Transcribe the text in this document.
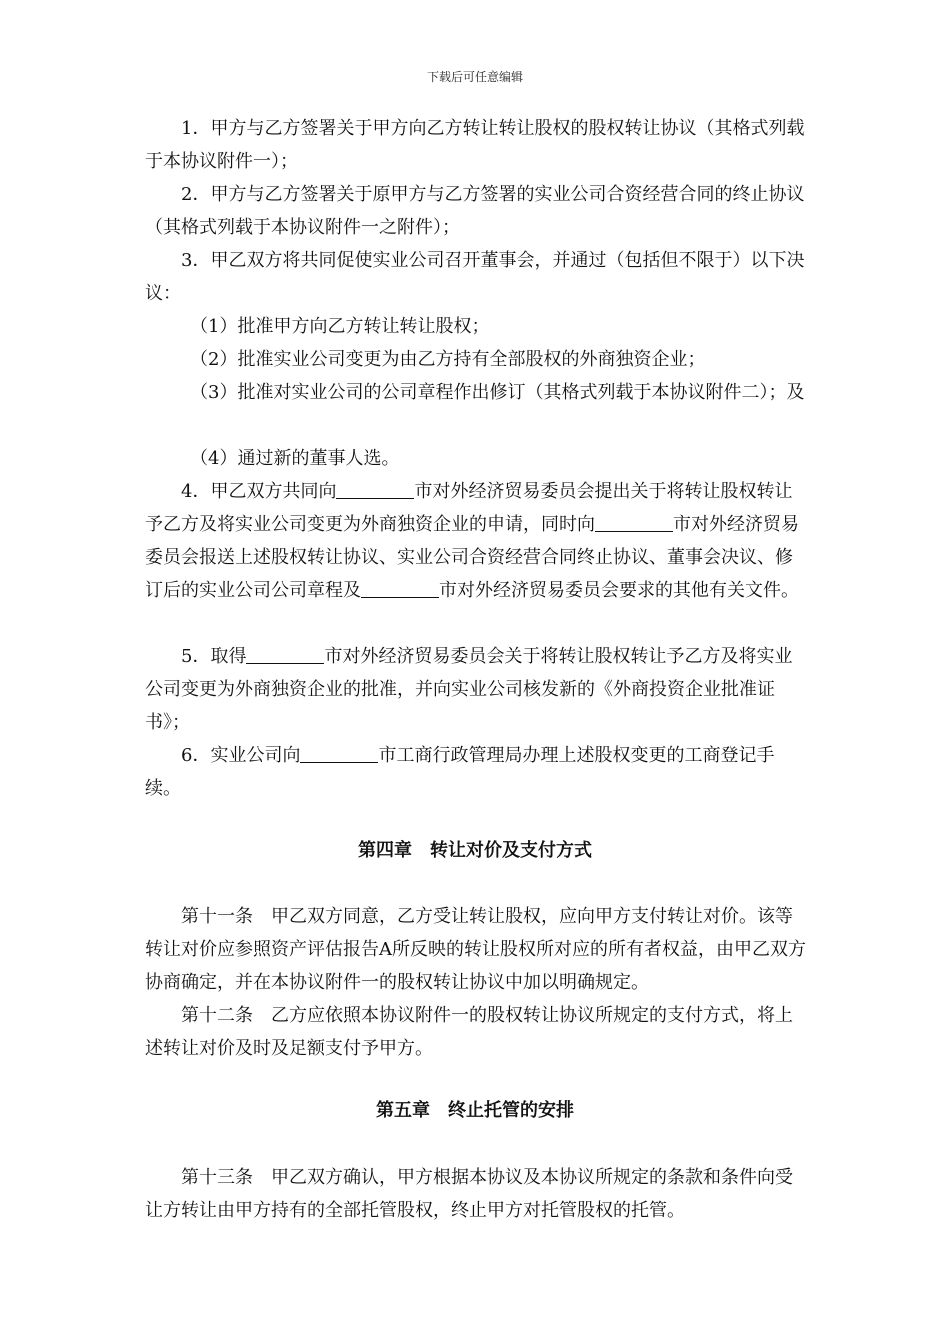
下载后可任意编辑

1．甲方与乙方签署关于甲方向乙方转让转让股权的股权转让协议（其格式列载于本协议附件一）；

2．甲方与乙方签署关于原甲方与乙方签署的实业公司合资经营合同的终止协议（其格式列载于本协议附件一之附件）；

3．甲乙双方将共同促使实业公司召开董事会，并通过（包括但不限于）以下决议：

（1）批准甲方向乙方转让转让股权；

（2）批准实业公司变更为由乙方持有全部股权的外商独资企业；

（3）批准对实业公司的公司章程作出修订（其格式列载于本协议附件二）；及

（4）通过新的董事人选。

4．甲乙双方共同向	市对外经济贸易委员会提出关于将转让股权转让予乙方及将实业公司变更为外商独资企业的申请，同时向	市对外经济贸易委员会报送上述股权转让协议、实业公司合资经营合同终止协议、董事会决议、修订后的实业公司公司章程及	市对外经济贸易委员会要求的其他有关文件。

5．取得	市对外经济贸易委员会关于将转让股权转让予乙方及将实业公司变更为外商独资企业的批准，并向实业公司核发新的《外商投资企业批准证书》；

6．实业公司向	市工商行政管理局办理上述股权变更的工商登记手续。

第四章　转让对价及支付方式

第十一条　甲乙双方同意，乙方受让转让股权，应向甲方支付转让对价。该等转让对价应参照资产评估报告A所反映的转让股权所对应的所有者权益，由甲乙双方协商确定，并在本协议附件一的股权转让协议中加以明确规定。

第十二条　乙方应依照本协议附件一的股权转让协议所规定的支付方式，将上述转让对价及时及足额支付予甲方。

第五章　终止托管的安排

第十三条　甲乙双方确认，甲方根据本协议及本协议所规定的条款和条件向受让方转让由甲方持有的全部托管股权，终止甲方对托管股权的托管。
